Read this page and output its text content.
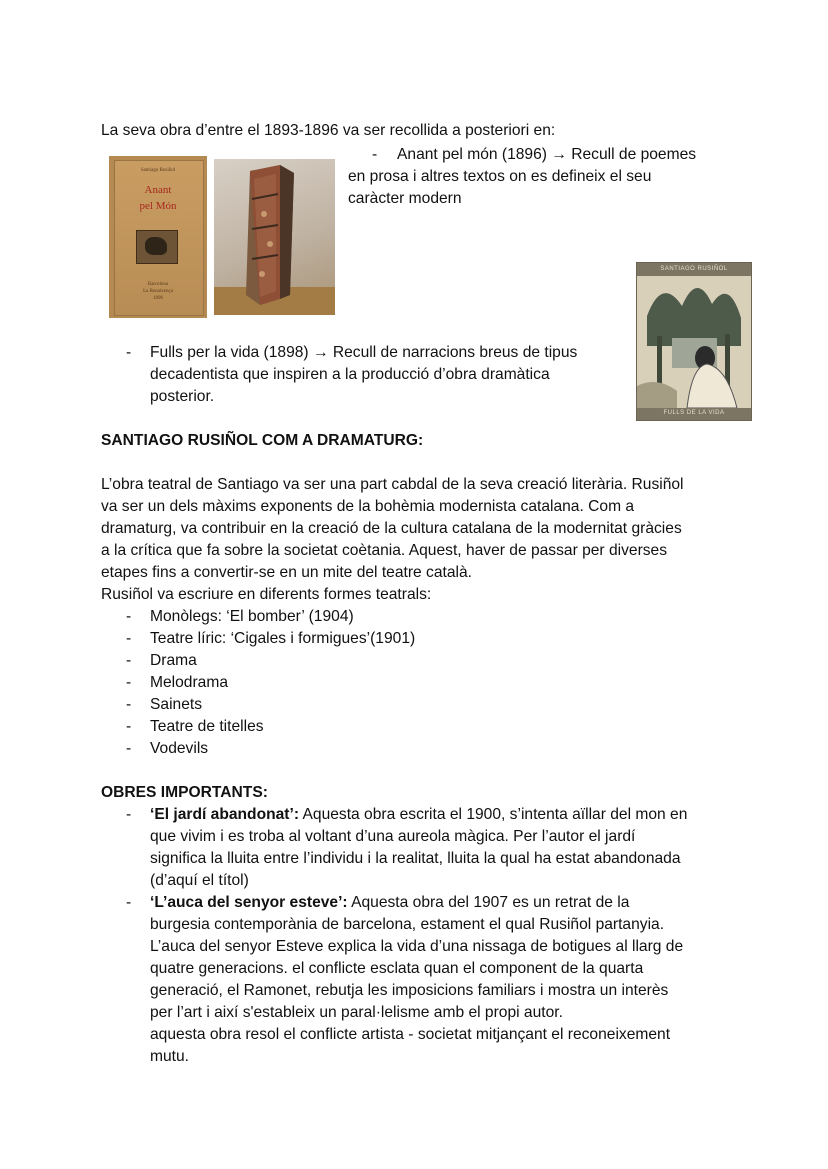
La seva obra d’entre el 1893-1896 va ser recollida a posteriori en:
- Anant pel món (1896) → Recull de poemes
en prosa i altres textos on es defineix el seu
caràcter modern
Santiago Rusiñol
Anant
pel Món
Barcelona
La Renaixença
1896
SANTIAGO RUSIÑOL
FULLS DE LA VIDA
- Fulls per la vida (1898) → Recull de narracions breus de tipus
decadentista que inspiren a la producció d’obra dramàtica
posterior.
SANTIAGO RUSIÑOL COM A DRAMATURG:
L’obra teatral de Santiago va ser una part cabdal de la seva creació literària. Rusiñol
va ser un dels màxims exponents de la bohèmia modernista catalana. Com a
dramaturg, va contribuir en la creació de la cultura catalana de la modernitat gràcies
a la crítica que fa sobre la societat coètania. Aquest, haver de passar per diverses
etapes fins a convertir-se en un mite del teatre català.
Rusiñol va escriure en diferents formes teatrals:
- Monòlegs: ‘El bomber’ (1904)
- Teatre líric: ‘Cigales i formigues’(1901)
- Drama
- Melodrama
- Sainets
- Teatre de titelles
- Vodevils
OBRES IMPORTANTS:
- ‘El jardí abandonat’: Aquesta obra escrita el 1900, s’intenta aïllar del mon en
que vivim i es troba al voltant d’una aureola màgica. Per l’autor el jardí
significa la lluita entre l’individu i la realitat, lluita la qual ha estat abandonada
(d’aquí el títol)
- ‘L’auca del senyor esteve’: Aquesta obra del 1907 es un retrat de la
burgesia contemporània de barcelona, estament el qual Rusiñol partanyia.
L’auca del senyor Esteve explica la vida d’una nissaga de botigues al llarg de
quatre generacions. el conflicte esclata quan el component de la quarta
generació, el Ramonet, rebutja les imposicions familiars i mostra un interès
per l’art i així s'estableix un paral·lelisme amb el propi autor.
aquesta obra resol el conflicte artista - societat mitjançant el reconeixement
mutu.
